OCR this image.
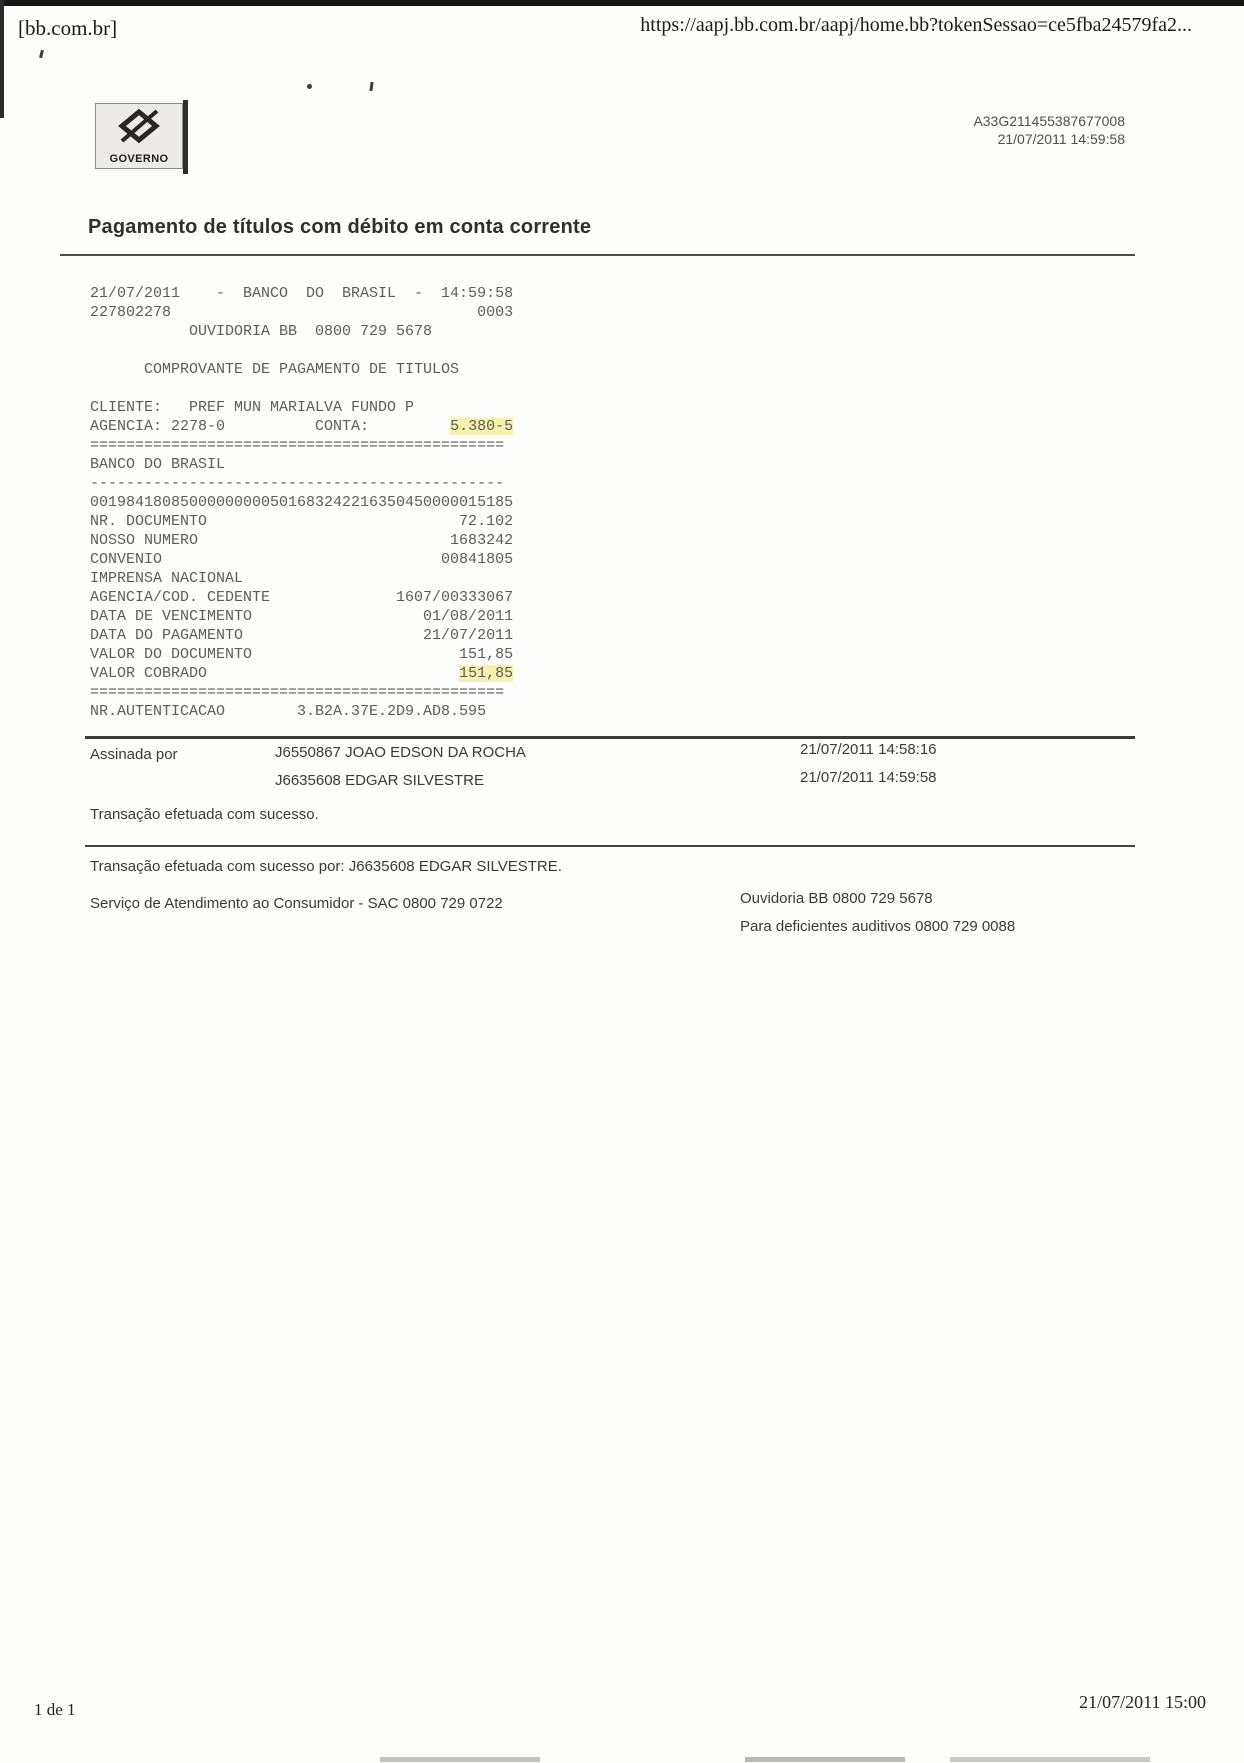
[bb.com.br]	https://aapj.bb.com.br/aapj/home.bb?tokenSessao=ce5fba24579fa2...
GOVERNO
A33G211455387677008
21/07/2011 14:59:58
Pagamento de títulos com débito em conta corrente
21/07/2011    -  BANCO  DO  BRASIL  -  14:59:58
227802278                                  0003
OUVIDORIA BB  0800 729 5678

COMPROVANTE DE PAGAMENTO DE TITULOS

CLIENTE:   PREF MUN MARIALVA FUNDO P
AGENCIA: 2278-0          CONTA:         5.380-5
==============================================
BANCO DO BRASIL
----------------------------------------------
00198418085000000000501683242216350450000015185
NR. DOCUMENTO                            72.102
NOSSO NUMERO                            1683242
CONVENIO                               00841805
IMPRENSA NACIONAL
AGENCIA/COD. CEDENTE              1607/00333067
DATA DE VENCIMENTO                   01/08/2011
DATA DO PAGAMENTO                    21/07/2011
VALOR DO DOCUMENTO                       151,85
VALOR COBRADO                            151,85
==============================================
NR.AUTENTICACAO        3.B2A.37E.2D9.AD8.595
Assinada por	J6550867 JOAO EDSON DA ROCHA	21/07/2011 14:58:16
J6635608 EDGAR SILVESTRE	21/07/2011 14:59:58
Transação efetuada com sucesso.
Transação efetuada com sucesso por: J6635608 EDGAR SILVESTRE.
Serviço de Atendimento ao Consumidor - SAC 0800 729 0722	Ouvidoria BB 0800 729 5678
Para deficientes auditivos 0800 729 0088
1 de 1	21/07/2011 15:00
